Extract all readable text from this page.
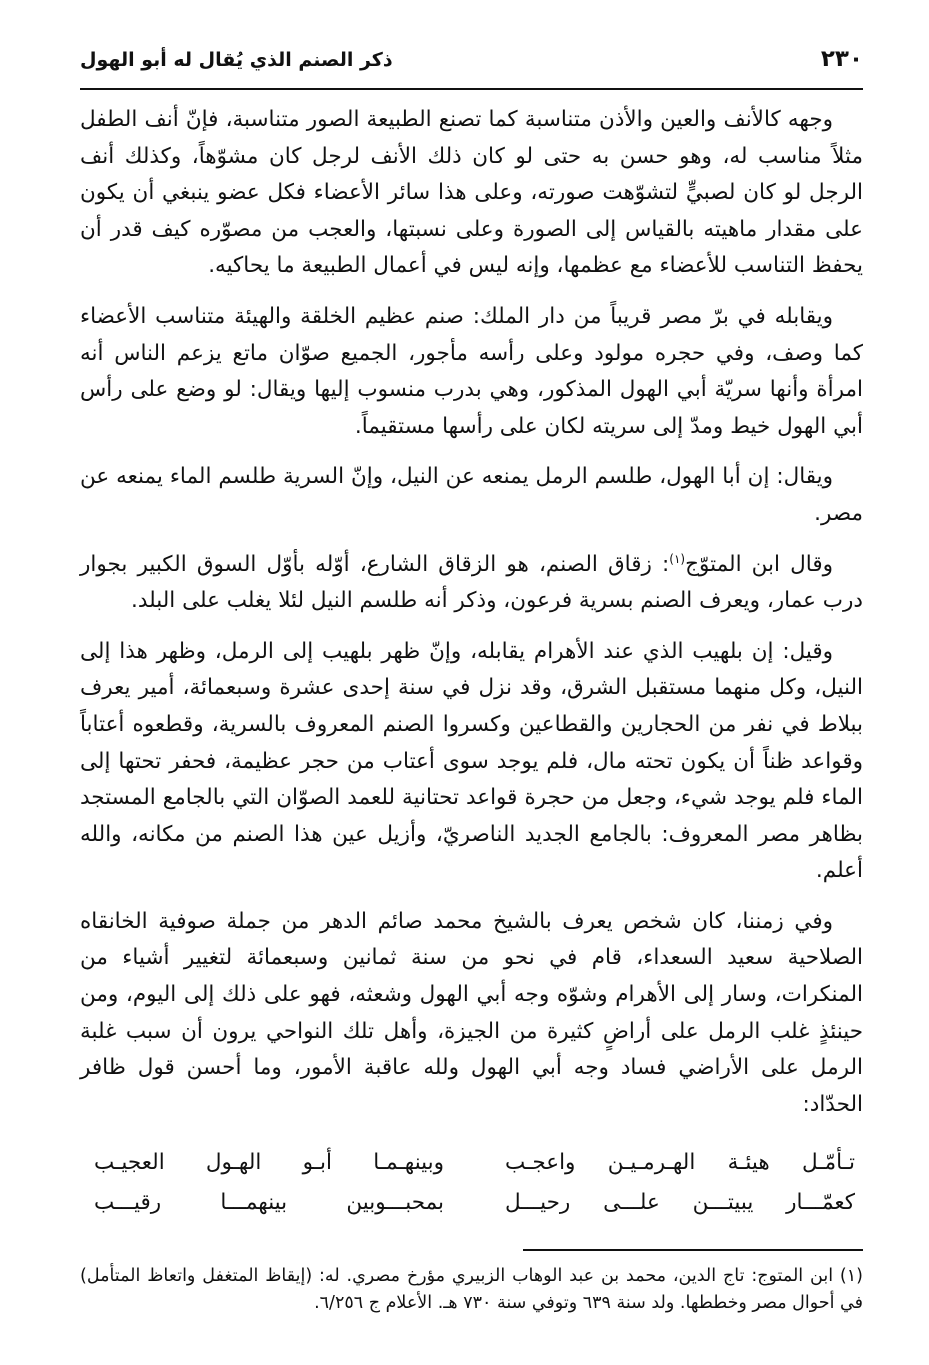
٢٣٠
ذكر الصنم الذي يُقال له أبو الهول

وجهه كالأنف والعين والأذن متناسبة كما تصنع الطبيعة الصور متناسبة، فإنّ أنف الطفل مثلاً مناسب له، وهو حسن به حتى لو كان ذلك الأنف لرجل كان مشوّهاً، وكذلك أنف الرجل لو كان لصبيٍّ لتشوّهت صورته، وعلى هذا سائر الأعضاء فكل عضو ينبغي أن يكون على مقدار ماهيته بالقياس إلى الصورة وعلى نسبتها، والعجب من مصوّره كيف قدر أن يحفظ التناسب للأعضاء مع عظمها، وإنه ليس في أعمال الطبيعة ما يحاكيه.

ويقابله في برّ مصر قريباً من دار الملك: صنم عظيم الخلقة والهيئة متناسب الأعضاء كما وصف، وفي حجره مولود وعلى رأسه مأجور، الجميع صوّان ماتع يزعم الناس أنه امرأة وأنها سريّة أبي الهول المذكور، وهي بدرب منسوب إليها ويقال: لو وضع على رأس أبي الهول خيط ومدّ إلى سريته لكان على رأسها مستقيماً.

ويقال: إن أبا الهول، طلسم الرمل يمنعه عن النيل، وإنّ السرية طلسم الماء يمنعه عن مصر.

وقال ابن المتوّج$^{(١)}$: زقاق الصنم، هو الزقاق الشارع، أوّله بأوّل السوق الكبير بجوار درب عمار، ويعرف الصنم بسرية فرعون، وذكر أنه طلسم النيل لئلا يغلب على البلد.

وقيل: إن بلهيب الذي عند الأهرام يقابله، وإنّ ظهر بلهيب إلى الرمل، وظهر هذا إلى النيل، وكل منهما مستقبل الشرق، وقد نزل في سنة إحدى عشرة وسبعمائة، أمير يعرف ببلاط في نفر من الحجارين والقطاعين وكسروا الصنم المعروف بالسرية، وقطعوه أعتاباً وقواعد ظناً أن يكون تحته مال، فلم يوجد سوى أعتاب من حجر عظيمة، فحفر تحتها إلى الماء فلم يوجد شيء، وجعل من حجرة قواعد تحتانية للعمد الصوّان التي بالجامع المستجد بظاهر مصر المعروف: بالجامع الجديد الناصريّ، وأزيل عين هذا الصنم من مكانه، والله أعلم.

وفي زمننا، كان شخص يعرف بالشيخ محمد صائم الدهر من جملة صوفية الخانقاه الصلاحية سعيد السعداء، قام في نحو من سنة ثمانين وسبعمائة لتغيير أشياء من المنكرات، وسار إلى الأهرام وشوّه وجه أبي الهول وشعثه، فهو على ذلك إلى اليوم، ومن حينئذٍ غلب الرمل على أراضٍ كثيرة من الجيزة، وأهل تلك النواحي يرون أن سبب غلبة الرمل على الأراضي فساد وجه أبي الهول ولله عاقبة الأمور، وما أحسن قول ظافر الحدّاد:

تـأمّـل هيئـة الهـرمـيـن واعجـب
وبينهـمـا أبـو الهـول العجيـب
كعمّـــار يبيتـــن علـــى رحيـــل
بمحبـــوبين بينهمـــا رقيـــب
(١) ابن المتوج: تاج الدين، محمد بن عبد الوهاب الزبيري مؤرخ مصري. له: (إيقاظ المتغفل واتعاظ المتأمل) في أحوال مصر وخططها. ولد سنة ٦٣٩ وتوفي سنة ٧٣٠ هـ. الأعلام ج ٦/٢٥٦.
